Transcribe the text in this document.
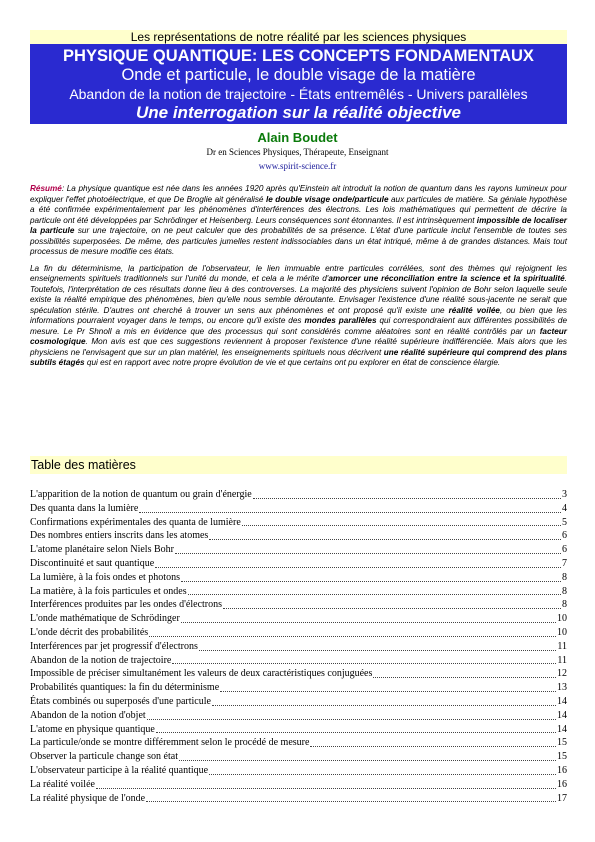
Les représentations de notre réalité par les sciences physiques
PHYSIQUE QUANTIQUE: LES CONCEPTS FONDAMENTAUX
Onde et particule, le double visage de la matière
Abandon de la notion de trajectoire - États entremêlés - Univers parallèles
Une interrogation sur la réalité objective
Alain Boudet
Dr en Sciences Physiques, Thérapeute, Enseignant
www.spirit-science.fr

Résumé: La physique quantique est née dans les années 1920 après qu'Einstein ait introduit la notion de quantum dans les rayons lumineux pour expliquer l'effet photoélectrique, et que De Broglie ait généralisé le double visage onde/particule aux particules de matière. Sa géniale hypothèse a été confirmée expérimentalement par les phénomènes d'interférences des électrons. Les lois mathématiques qui permettent de décrire la particule ont été développées par Schrödinger et Heisenberg. Leurs conséquences sont étonnantes. Il est intrinsèquement impossible de localiser la particule sur une trajectoire, on ne peut calculer que des probabilités de sa présence. L'état d'une particule inclut l'ensemble de toutes ses possibilités superposées. De même, des particules jumelles restent indissociables dans un état intriqué, même à de grandes distances. Mais tout processus de mesure modifie ces états.

La fin du déterminisme, la participation de l'observateur, le lien immuable entre particules corrélées, sont des thèmes qui rejoignent les enseignements spirituels traditionnels sur l'unité du monde, et cela a le mérite d'amorcer une réconciliation entre la science et la spiritualité. Toutefois, l'interprétation de ces résultats donne lieu à des controverses. La majorité des physiciens suivent l'opinion de Bohr selon laquelle seule existe la réalité empirique des phénomènes, bien qu'elle nous semble déroutante. Envisager l'existence d'une réalité sous-jacente ne serait que spéculation stérile. D'autres ont cherché à trouver un sens aux phénomènes et ont proposé qu'il existe une réalité voilée, ou bien que les informations pourraient voyager dans le temps, ou encore qu'il existe des mondes parallèles qui correspondraient aux différentes possibilités de mesure. Le Pr Shnoll a mis en évidence que des processus qui sont considérés comme aléatoires sont en réalité contrôlés par un facteur cosmologique. Mon avis est que ces suggestions reviennent à proposer l'existence d'une réalité supérieure indifférenciée. Mais alors que les physiciens ne l'envisagent que sur un plan matériel, les enseignements spirituels nous décrivent une réalité supérieure qui comprend des plans subtils étagés qui est en rapport avec notre propre évolution de vie et que certains ont pu explorer en état de conscience élargie.

Table des matières
L'apparition de la notion de quantum ou grain d'énergie	3
Des quanta dans la lumière	4
Confirmations expérimentales des quanta de lumière	5
Des nombres entiers inscrits dans les atomes	6
L'atome planétaire selon Niels Bohr	6
Discontinuité et saut quantique	7
La lumière, à la fois ondes et photons	8
La matière, à la fois particules et ondes	8
Interférences produites par les ondes d'électrons	8
L'onde mathématique de Schrödinger	10
L'onde décrit des probabilités	10
Interférences par jet progressif d'électrons	11
Abandon de la notion de trajectoire	11
Impossible de préciser simultanément les valeurs de deux caractéristiques conjuguées	12
Probabilités quantiques: la fin du déterminisme	13
États combinés ou superposés d'une particule	14
Abandon de la notion d'objet	14
L'atome en physique quantique	14
La particule/onde se montre différemment selon le procédé de mesure	15
Observer la particule change son état	15
L'observateur participe à la réalité quantique	16
La réalité voilée	16
La réalité physique de l'onde	17
